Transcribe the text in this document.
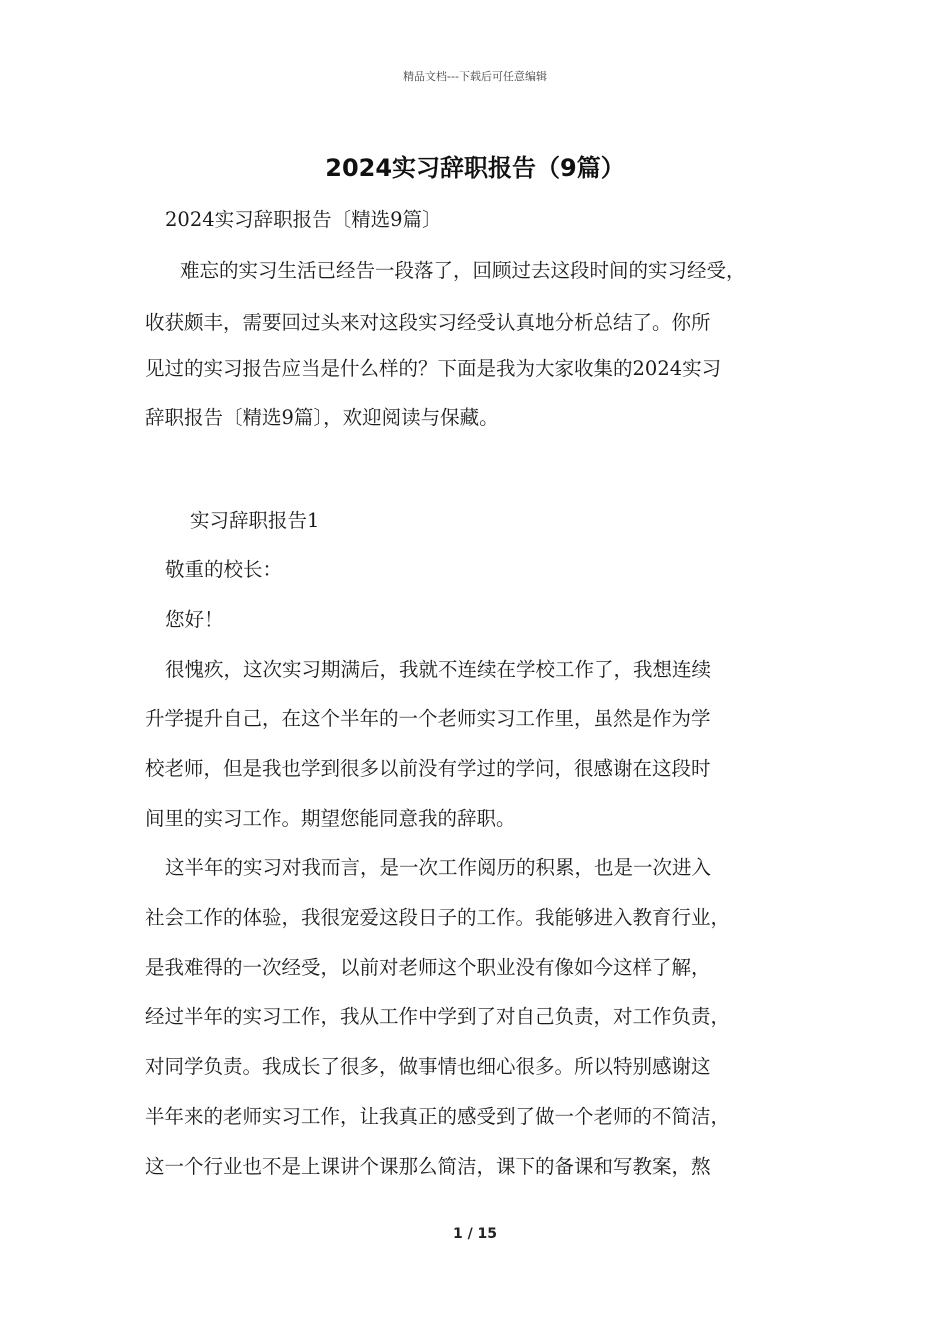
精品文档---下载后可任意编辑
2024实习辞职报告（9篇）
2024实习辞职报告〔精选9篇〕
难忘的实习生活已经告一段落了，回顾过去这段时间的实习经受，
收获颇丰，需要回过头来对这段实习经受认真地分析总结了。你所
见过的实习报告应当是什么样的？下面是我为大家收集的2024实习
辞职报告〔精选9篇〕，欢迎阅读与保藏。
实习辞职报告1
敬重的校长：
您好！
很愧疚，这次实习期满后，我就不连续在学校工作了，我想连续
升学提升自己，在这个半年的一个老师实习工作里，虽然是作为学
校老师，但是我也学到很多以前没有学过的学问，很感谢在这段时
间里的实习工作。期望您能同意我的辞职。
这半年的实习对我而言，是一次工作阅历的积累，也是一次进入
社会工作的体验，我很宠爱这段日子的工作。我能够进入教育行业，
是我难得的一次经受，以前对老师这个职业没有像如今这样了解，
经过半年的实习工作，我从工作中学到了对自己负责，对工作负责，
对同学负责。我成长了很多，做事情也细心很多。所以特别感谢这
半年来的老师实习工作，让我真正的感受到了做一个老师的不简洁，
这一个行业也不是上课讲个课那么简洁，课下的备课和写教案，熬
1 / 15
